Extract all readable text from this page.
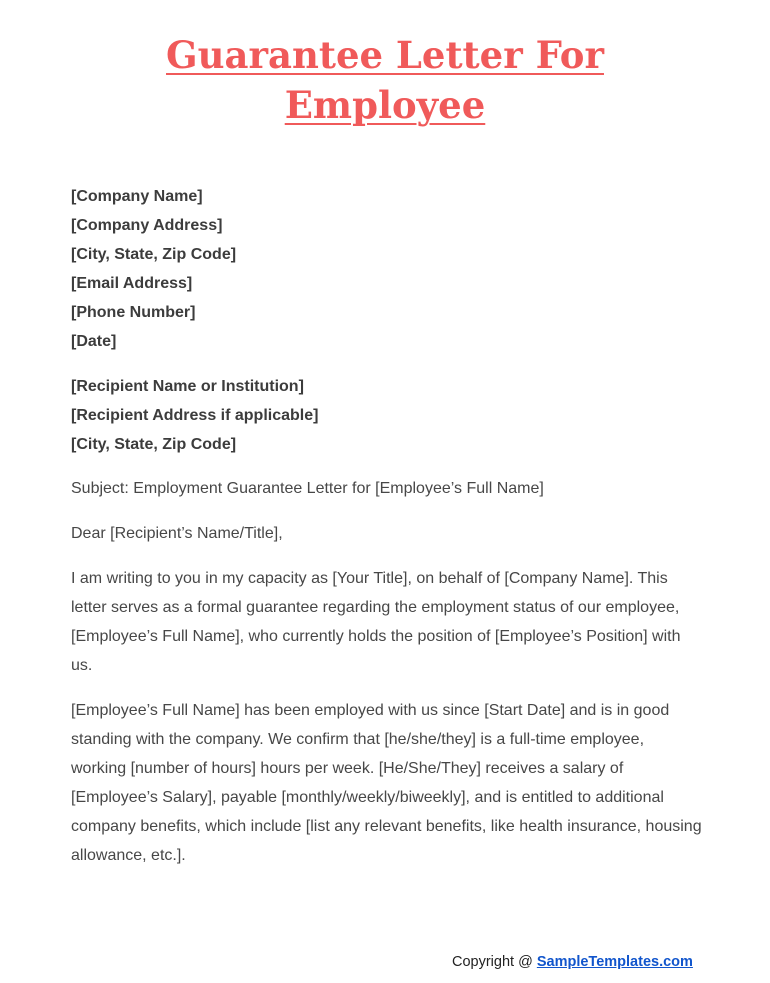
Guarantee Letter For
Employee
[Company Name]
[Company Address]
[City, State, Zip Code]
[Email Address]
[Phone Number]
[Date]
[Recipient Name or Institution]
[Recipient Address if applicable]
[City, State, Zip Code]
Subject: Employment Guarantee Letter for [Employee’s Full Name]
Dear [Recipient’s Name/Title],
I am writing to you in my capacity as [Your Title], on behalf of [Company Name]. This letter serves as a formal guarantee regarding the employment status of our employee, [Employee’s Full Name], who currently holds the position of [Employee’s Position] with us.
[Employee’s Full Name] has been employed with us since [Start Date] and is in good standing with the company. We confirm that [he/she/they] is a full-time employee, working [number of hours] hours per week. [He/She/They] receives a salary of [Employee’s Salary], payable [monthly/weekly/biweekly], and is entitled to additional company benefits, which include [list any relevant benefits, like health insurance, housing allowance, etc.].
Copyright @ SampleTemplates.com
